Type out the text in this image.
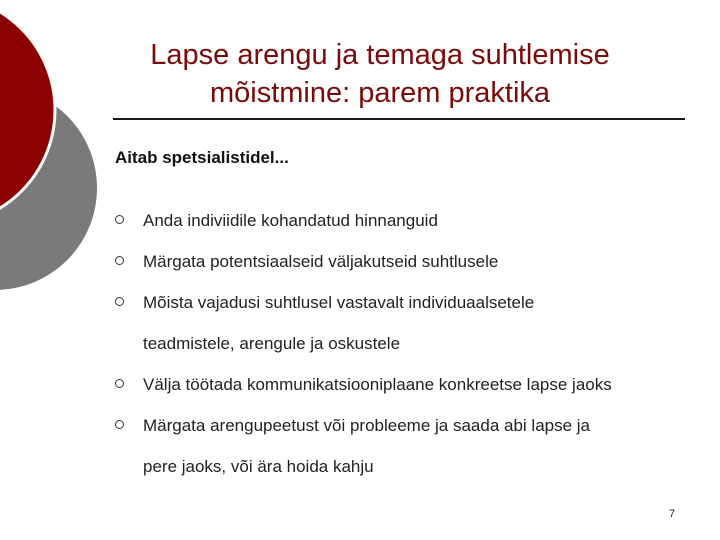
Lapse arengu ja temaga suhtlemise
mõistmine: parem praktika
Aitab spetsialistidel...
Anda indiviidile kohandatud hinnanguid
Märgata potentsiaalseid väljakutseid suhtlusele
Mõista vajadusi suhtlusel vastavalt individuaalsetele
teadmistele, arengule ja oskustele
Välja töötada kommunikatsiooniplaane konkreetse lapse jaoks
Märgata arengupeetust või probleeme ja saada abi lapse ja
pere jaoks, või ära hoida kahju
7
